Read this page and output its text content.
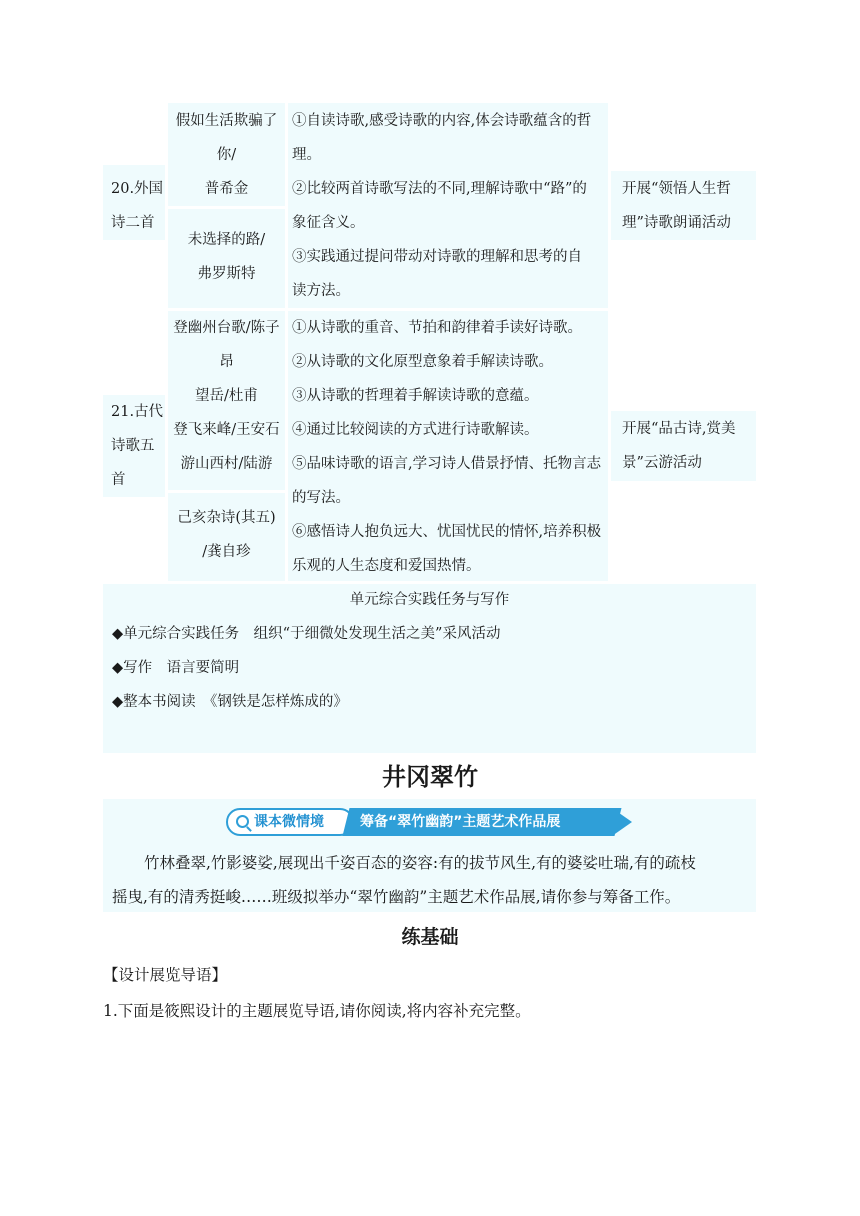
20.外国
诗二首
假如生活欺骗了
你/
普希金
未选择的路/
弗罗斯特
①自读诗歌,感受诗歌的内容,体会诗歌蕴含的哲
理。
②比较两首诗歌写法的不同,理解诗歌中“路”的
象征含义。
③实践通过提问带动对诗歌的理解和思考的自
读方法。
开展“领悟人生哲
理”诗歌朗诵活动
21.古代
诗歌五
首
登幽州台歌/陈子
昂
望岳/杜甫
登飞来峰/王安石
游山西村/陆游
己亥杂诗(其五)
/龚自珍
①从诗歌的重音、节拍和韵律着手读好诗歌。
②从诗歌的文化原型意象着手解读诗歌。
③从诗歌的哲理着手解读诗歌的意蕴。
④通过比较阅读的方式进行诗歌解读。
⑤品味诗歌的语言,学习诗人借景抒情、托物言志
的写法。
⑥感悟诗人抱负远大、忧国忧民的情怀,培养积极
乐观的人生态度和爱国热情。
开展“品古诗,赏美
景”云游活动
单元综合实践任务与写作
◆单元综合实践任务　组织“于细微处发现生活之美”采风活动
◆写作　语言要简明
◆整本书阅读　《钢铁是怎样炼成的》
井冈翠竹
课本微情境	筹备“翠竹幽韵”主题艺术作品展
竹林叠翠,竹影婆娑,展现出千姿百态的姿容:有的拔节风生,有的婆娑吐瑞,有的疏枝
摇曳,有的清秀挺峻……班级拟举办“翠竹幽韵”主题艺术作品展,请你参与筹备工作。
练基础
【设计展览导语】
1.下面是筱熙设计的主题展览导语,请你阅读,将内容补充完整。
